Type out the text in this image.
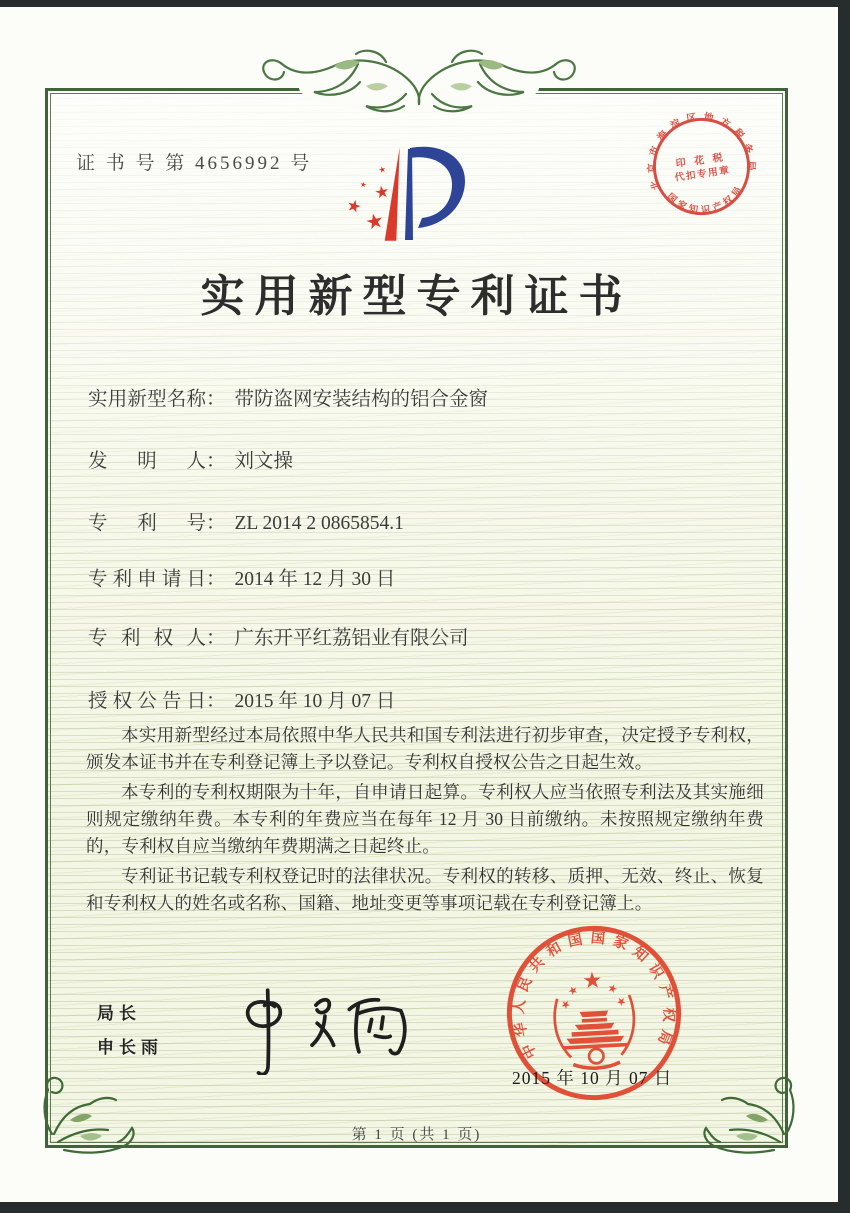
证 书 号 第 4656992 号
北京市海淀区地方税务局
国家知识产权局
印 花 税
代扣专用章
实用新型专利证书
实用新型名称： 带防盗网安装结构的铝合金窗
发明人： 刘文操
专利号： ZL 2014 2 0865854.1
专利申请日： 2014 年 12 月 30 日
专利权人： 广东开平红荔铝业有限公司
授权公告日： 2015 年 10 月 07 日

本实用新型经过本局依照中华人民共和国专利法进行初步审查，决定授予专利权，颁发本证书并在专利登记簿上予以登记。专利权自授权公告之日起生效。

本专利的专利权期限为十年，自申请日起算。专利权人应当依照专利法及其实施细则规定缴纳年费。本专利的年费应当在每年 12 月 30 日前缴纳。未按照规定缴纳年费的，专利权自应当缴纳年费期满之日起终止。

专利证书记载专利权登记时的法律状况。专利权的转移、质押、无效、终止、恢复和专利权人的姓名或名称、国籍、地址变更等事项记载在专利登记簿上。

局长
申长雨	中华人民共和国国家知识产权局
2015 年 10 月 07 日
第 1 页 (共 1 页)
